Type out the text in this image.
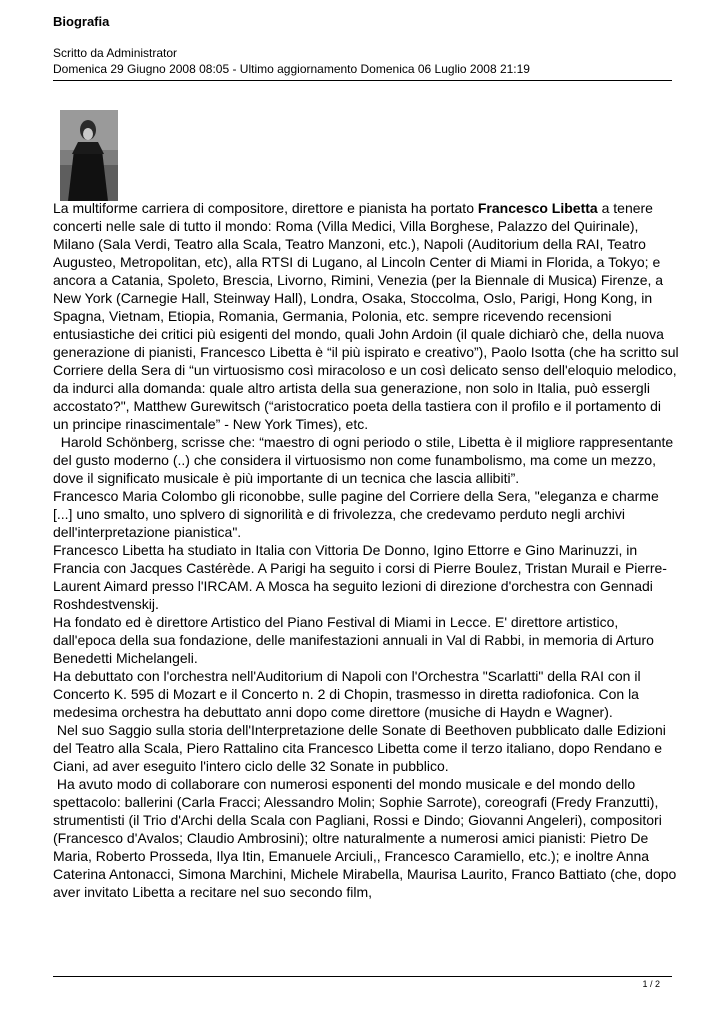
Biografia
Scritto da Administrator
Domenica 29 Giugno 2008 08:05 - Ultimo aggiornamento Domenica 06 Luglio 2008 21:19

La multiforme carriera di compositore, direttore e pianista ha portato Francesco Libetta a tenere concerti nelle sale di tutto il mondo: Roma (Villa Medici, Villa Borghese, Palazzo del Quirinale), Milano (Sala Verdi, Teatro alla Scala, Teatro Manzoni, etc.), Napoli (Auditorium della RAI, Teatro Augusteo, Metropolitan, etc), alla RTSI di Lugano, al Lincoln Center di Miami in Florida, a Tokyo; e ancora a Catania, Spoleto, Brescia, Livorno, Rimini, Venezia (per la Biennale di Musica) Firenze, a New York (Carnegie Hall, Steinway Hall), Londra, Osaka, Stoccolma, Oslo, Parigi, Hong Kong, in Spagna, Vietnam, Etiopia, Romania, Germania, Polonia, etc. sempre ricevendo recensioni entusiastiche dei critici più esigenti del mondo, quali John Ardoin (il quale dichiarò che, della nuova generazione di pianisti, Francesco Libetta è “il più ispirato e creativo”), Paolo Isotta (che ha scritto sul Corriere della Sera di “un virtuosismo così miracoloso e un così delicato senso dell'eloquio melodico, da indurci alla domanda: quale altro artista della sua generazione, non solo in Italia, può essergli accostato?", Matthew Gurewitsch (“aristocratico poeta della tastiera con il profilo e il portamento di un principe rinascimentale” - New York Times), etc.

Harold Schönberg, scrisse che: “maestro di ogni periodo o stile, Libetta è il migliore rappresentante del gusto moderno (..) che considera il virtuosismo non come funambolismo, ma come un mezzo, dove il significato musicale è più importante di un tecnica che lascia allibiti”.

Francesco Maria Colombo gli riconobbe, sulle pagine del Corriere della Sera, "eleganza e charme [...] uno smalto, uno splvero di signorilità e di frivolezza, che credevamo perduto negli archivi dell'interpretazione pianistica".

Francesco Libetta ha studiato in Italia con Vittoria De Donno, Igino Ettorre e Gino Marinuzzi, in Francia con Jacques Castérède. A Parigi ha seguito i corsi di Pierre Boulez, Tristan Murail e Pierre-Laurent Aimard presso l'IRCAM. A Mosca ha seguito lezioni di direzione d'orchestra con Gennadi Roshdestvenskij.

Ha fondato ed è direttore Artistico del Piano Festival di Miami in Lecce. E' direttore artistico, dall'epoca della sua fondazione, delle manifestazioni annuali in Val di Rabbi, in memoria di Arturo Benedetti Michelangeli.

Ha debuttato con l'orchestra nell'Auditorium di Napoli con l'Orchestra "Scarlatti" della RAI con il Concerto K. 595 di Mozart e il Concerto n. 2 di Chopin, trasmesso in diretta radiofonica. Con la medesima orchestra ha debuttato anni dopo come direttore (musiche di Haydn e Wagner).

Nel suo Saggio sulla storia dell'Interpretazione delle Sonate di Beethoven pubblicato dalle Edizioni del Teatro alla Scala, Piero Rattalino cita Francesco Libetta come il terzo italiano, dopo Rendano e Ciani, ad aver eseguito l'intero ciclo delle 32 Sonate in pubblico.

Ha avuto modo di collaborare con numerosi esponenti del mondo musicale e del mondo dello spettacolo: ballerini (Carla Fracci; Alessandro Molin; Sophie Sarrote), coreografi (Fredy Franzutti), strumentisti (il Trio d'Archi della Scala con Pagliani, Rossi e Dindo; Giovanni Angeleri), compositori (Francesco d'Avalos; Claudio Ambrosini); oltre naturalmente a numerosi amici pianisti: Pietro De Maria, Roberto Prosseda, Ilya Itin, Emanuele Arciuli,, Francesco Caramiello, etc.); e inoltre Anna Caterina Antonacci, Simona Marchini, Michele Mirabella, Maurisa Laurito, Franco Battiato (che, dopo aver invitato Libetta a recitare nel suo secondo film,

1 / 2
